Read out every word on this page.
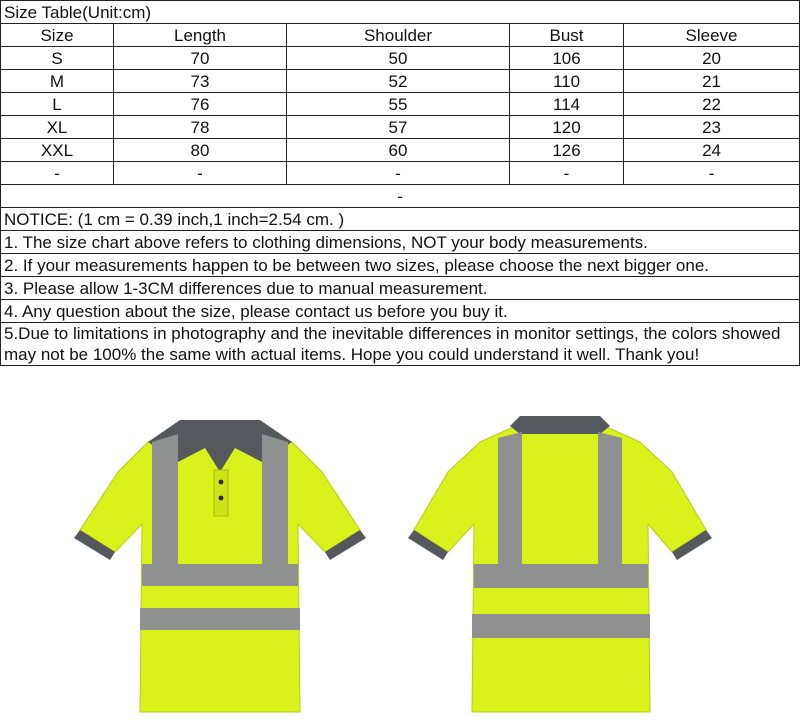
Size Table(Unit:cm)				
Size	Length	Shoulder	Bust	Sleeve
S	70	50	106	20
M	73	52	110	21
L	76	55	114	22
XL	78	57	120	23
XXL	80	60	126	24
-	-	-	-	-
-				
NOTICE: (1 cm = 0.39 inch,1 inch=2.54 cm. )				
1. The size chart above refers to clothing dimensions, NOT your body measurements.				
2. If your measurements happen to be between two sizes, please choose the next bigger one.				
3. Please allow 1-3CM differences due to manual measurement.				
4. Any question about the size, please contact us before you buy it.				
5.Due to limitations in photography and the inevitable differences in monitor settings, the colors showed may not be 100% the same with actual items. Hope you could understand it well. Thank you!				
